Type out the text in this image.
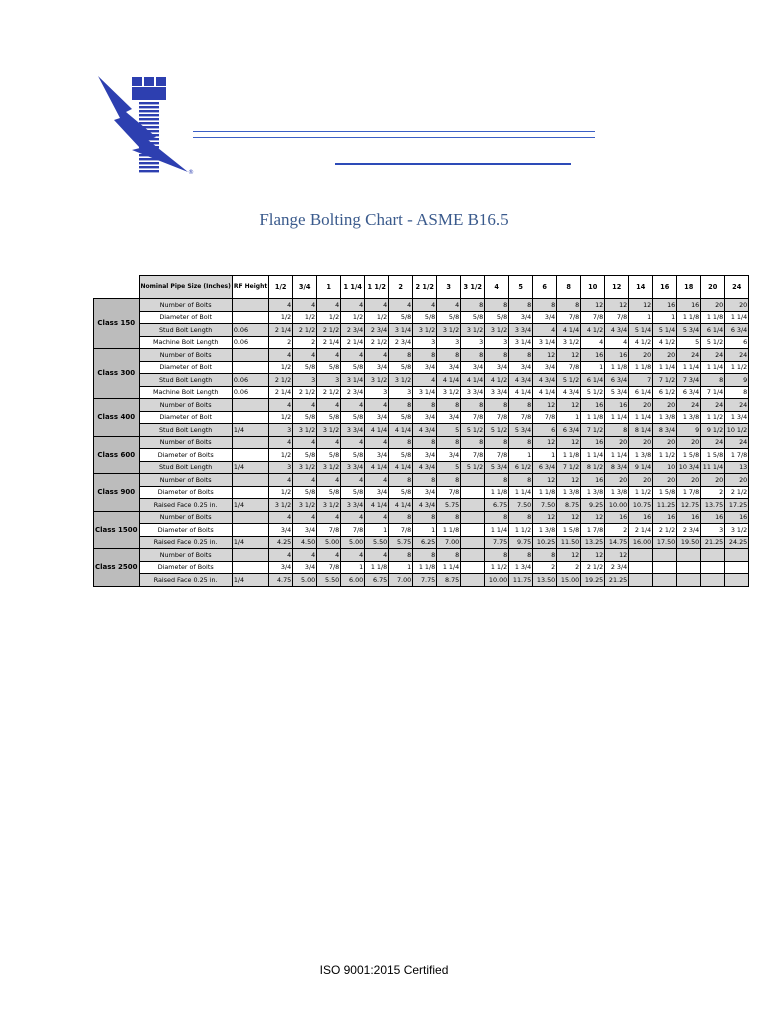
®
Flange Bolting Chart - ASME B16.5
	Nominal Pipe Size (Inches)	RF Height	1/2	3/4	1	1 1/4	1 1/2	2	2 1/2	3	3 1/2	4	5	6	8	10	12	14	16	18	20	24
Class 150	Number of Bolts		4	4	4	4	4	4	4	4	8	8	8	8	8	12	12	12	16	16	20	20
	Diameter of Bolt		1/2	1/2	1/2	1/2	1/2	5/8	5/8	5/8	5/8	5/8	3/4	3/4	7/8	7/8	7/8	1	1	1 1/8	1 1/8	1 1/4
	Stud Bolt Length	0.06	2 1/4	2 1/2	2 1/2	2 3/4	2 3/4	3 1/4	3 1/2	3 1/2	3 1/2	3 1/2	3 3/4	4	4 1/4	4 1/2	4 3/4	5 1/4	5 1/4	5 3/4	6 1/4	6 3/4
	Machine Bolt Length	0.06	2	2	2 1/4	2 1/4	2 1/2	2 3/4	3	3	3	3	3 1/4	3 1/4	3 1/2	4	4	4 1/2	4 1/2	5	5 1/2	6
Class 300	Number of Bolts		4	4	4	4	4	8	8	8	8	8	8	12	12	16	16	20	20	24	24	24
	Diameter of Bolt		1/2	5/8	5/8	5/8	3/4	5/8	3/4	3/4	3/4	3/4	3/4	3/4	7/8	1	1 1/8	1 1/8	1 1/4	1 1/4	1 1/4	1 1/2
	Stud Bolt Length	0.06	2 1/2	3	3	3 1/4	3 1/2	3 1/2	4	4 1/4	4 1/4	4 1/2	4 3/4	4 3/4	5 1/2	6 1/4	6 3/4	7	7 1/2	7 3/4	8	9
	Machine Bolt Length	0.06	2 1/4	2 1/2	2 1/2	2 3/4	3	3	3 1/4	3 1/2	3 3/4	3 3/4	4 1/4	4 1/4	4 3/4	5 1/2	5 3/4	6 1/4	6 1/2	6 3/4	7 1/4	8
Class 400	Number of Bolts		4	4	4	4	4	8	8	8	8	8	8	12	12	16	16	20	20	24	24	24
	Diameter of Bolt		1/2	5/8	5/8	5/8	3/4	5/8	3/4	3/4	7/8	7/8	7/8	7/8	1	1 1/8	1 1/4	1 1/4	1 3/8	1 3/8	1 1/2	1 3/4
	Stud Bolt Length	1/4	3	3 1/2	3 1/2	3 3/4	4 1/4	4 1/4	4 3/4	5	5 1/2	5 1/2	5 3/4	6	6 3/4	7 1/2	8	8 1/4	8 3/4	9	9 1/2	10 1/2
Class 600	Number of Bolts		4	4	4	4	4	8	8	8	8	8	8	12	12	16	20	20	20	20	24	24
	Diameter of Bolts		1/2	5/8	5/8	5/8	3/4	5/8	3/4	3/4	7/8	7/8	1	1	1 1/8	1 1/4	1 1/4	1 3/8	1 1/2	1 5/8	1 5/8	1 7/8
	Stud Bolt Length	1/4	3	3 1/2	3 1/2	3 3/4	4 1/4	4 1/4	4 3/4	5	5 1/2	5 3/4	6 1/2	6 3/4	7 1/2	8 1/2	8 3/4	9 1/4	10	10 3/4	11 1/4	13
Class 900	Number of Bolts		4	4	4	4	4	8	8	8		8	8	12	12	16	20	20	20	20	20	20
	Diameter of Bolts		1/2	5/8	5/8	5/8	3/4	5/8	3/4	7/8		1 1/8	1 1/4	1 1/8	1 3/8	1 3/8	1 3/8	1 1/2	1 5/8	1 7/8	2	2 1/2
	Raised Face 0.25 in.	1/4	3 1/2	3 1/2	3 1/2	3 3/4	4 1/4	4 1/4	4 3/4	5.75		6.75	7.50	7.50	8.75	9.25	10.00	10.75	11.25	12.75	13.75	17.25
Class 1500	Number of Bolts		4	4	4	4	4	8	8	8		8	8	12	12	12	16	16	16	16	16	16
	Diameter of Bolts		3/4	3/4	7/8	7/8	1	7/8	1	1 1/8		1 1/4	1 1/2	1 3/8	1 5/8	1 7/8	2	2 1/4	2 1/2	2 3/4	3	3 1/2
	Raised Face 0.25 in.	1/4	4.25	4.50	5.00	5.00	5.50	5.75	6.25	7.00		7.75	9.75	10.25	11.50	13.25	14.75	16.00	17.50	19.50	21.25	24.25
Class 2500	Number of Bolts		4	4	4	4	4	8	8	8		8	8	8	12	12	12					
	Diameter of Bolts		3/4	3/4	7/8	1	1 1/8	1	1 1/8	1 1/4		1 1/2	1 3/4	2	2	2 1/2	2 3/4					
	Raised Face 0.25 in.	1/4	4.75	5.00	5.50	6.00	6.75	7.00	7.75	8.75		10.00	11.75	13.50	15.00	19.25	21.25					
ISO 9001:2015 Certified
